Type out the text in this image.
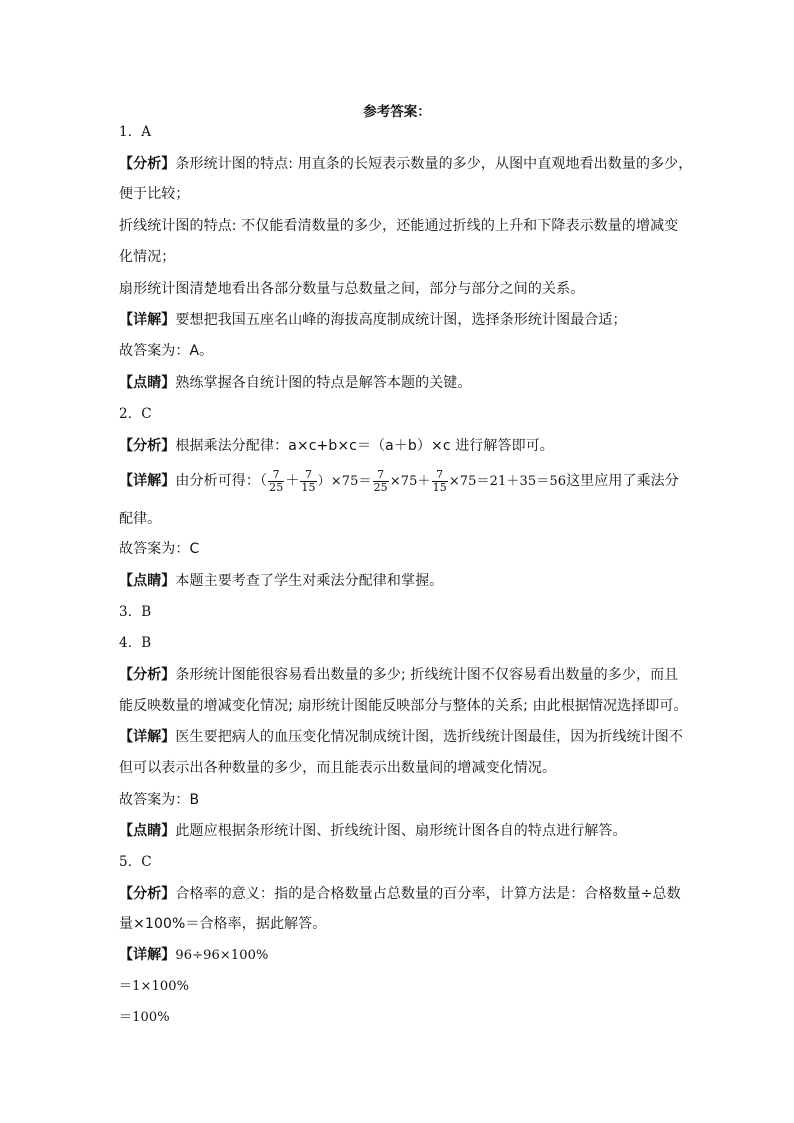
参考答案：
1．A
【分析】条形统计图的特点: 用直条的长短表示数量的多少，从图中直观地看出数量的多少，
便于比较；
折线统计图的特点: 不仅能看清数量的多少，还能通过折线的上升和下降表示数量的增减变
化情况；
扇形统计图清楚地看出各部分数量与总数量之间，部分与部分之间的关系。
【详解】要想把我国五座名山峰的海拔高度制成统计图，选择条形统计图最合适；
故答案为：A。
【点睛】熟练掌握各自统计图的特点是解答本题的关键。
2．C
【分析】根据乘法分配律：a×c+b×c＝（a＋b）×c 进行解答即可。
【详解】由分析可得：（ $\frac{7}{25} + \frac{7}{15} )\times 75= \frac{7}{25} \times 75+ \frac{7}{15} \times 75=21+35=56$这里应用了乘法分
配律。
故答案为：C
【点睛】本题主要考查了学生对乘法分配律和掌握。
3．B
4．B
【分析】条形统计图能很容易看出数量的多少; 折线统计图不仅容易看出数量的多少，而且
能反映数量的增减变化情况; 扇形统计图能反映部分与整体的关系; 由此根据情况选择即可。
【详解】医生要把病人的血压变化情况制成统计图，选折线统计图最佳，因为折线统计图不
但可以表示出各种数量的多少，而且能表示出数量间的增减变化情况。
故答案为：B
【点睛】此题应根据条形统计图、折线统计图、扇形统计图各自的特点进行解答。
5．C
【分析】合格率的意义：指的是合格数量占总数量的百分率，计算方法是：合格数量÷总数
量×100%＝合格率，据此解答。
【详解】96÷96×100%
＝1×100%
＝100%
